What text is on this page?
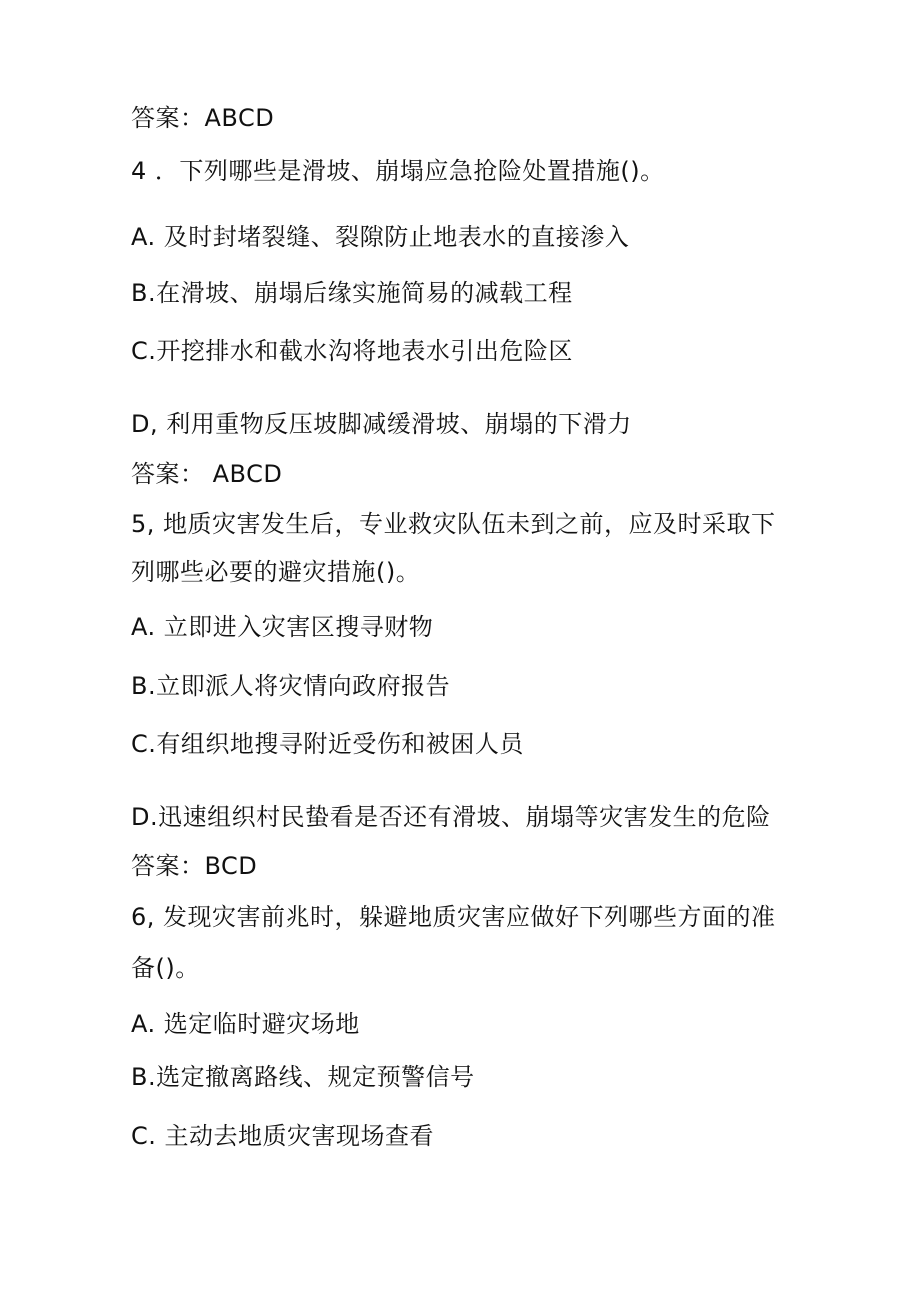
答案：ABCD
4 ．下列哪些是滑坡、崩塌应急抢险处置措施()。
A. 及时封堵裂缝、裂隙防止地表水的直接渗入
B.在滑坡、崩塌后缘实施简易的减载工程
C.开挖排水和截水沟将地表水引出危险区
D, 利用重物反压坡脚减缓滑坡、崩塌的下滑力
答案： ABCD
5, 地质灾害发生后，专业救灾队伍未到之前，应及时采取下
列哪些必要的避灾措施()。
A. 立即进入灾害区搜寻财物
B.立即派人将灾情向政府报告
C.有组织地搜寻附近受伤和被困人员
D.迅速组织村民蛰看是否还有滑坡、崩塌等灾害发生的危险
答案：BCD
6, 发现灾害前兆时，躲避地质灾害应做好下列哪些方面的准
备()。
A. 选定临时避灾场地
B.选定撤离路线、规定预警信号
C. 主动去地质灾害现场查看
